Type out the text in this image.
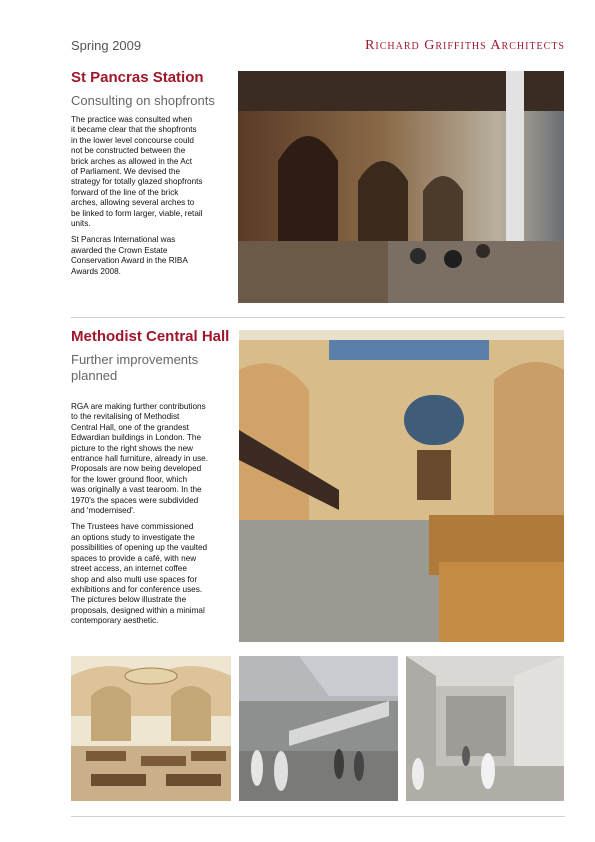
Spring 2009	Richard Griffiths Architects
St Pancras Station
Consulting on shopfronts

The practice was consulted when
it became clear that the shopfronts
in the lower level concourse could
not be constructed between the
brick arches as allowed in the Act
of Parliament. We devised the
strategy for totally glazed shopfronts
forward of the line of the brick
arches, allowing several arches to
be linked to form larger, viable, retail
units.

St Pancras International was
awarded the Crown Estate
Conservation Award in the RIBA
Awards 2008.

Methodist Central Hall
Further improvements
planned

RGA are making further contributions
to the revitalising of Methodist
Central Hall, one of the grandest
Edwardian buildings in London. The
picture to the right shows the new
entrance hall furniture, already in use.
Proposals are now being developed
for the lower ground floor, which
was originally a vast tearoom. In the
1970's the spaces were subdivided
and 'modernised'.

The Trustees have commissioned
an options study to investigate the
possibilities of opening up the vaulted
spaces to provide a café, with new
street access, an internet coffee
shop and also multi use spaces for
exhibitions and for conference uses.
The pictures below illustrate the
proposals, designed within a minimal
contemporary aesthetic.
